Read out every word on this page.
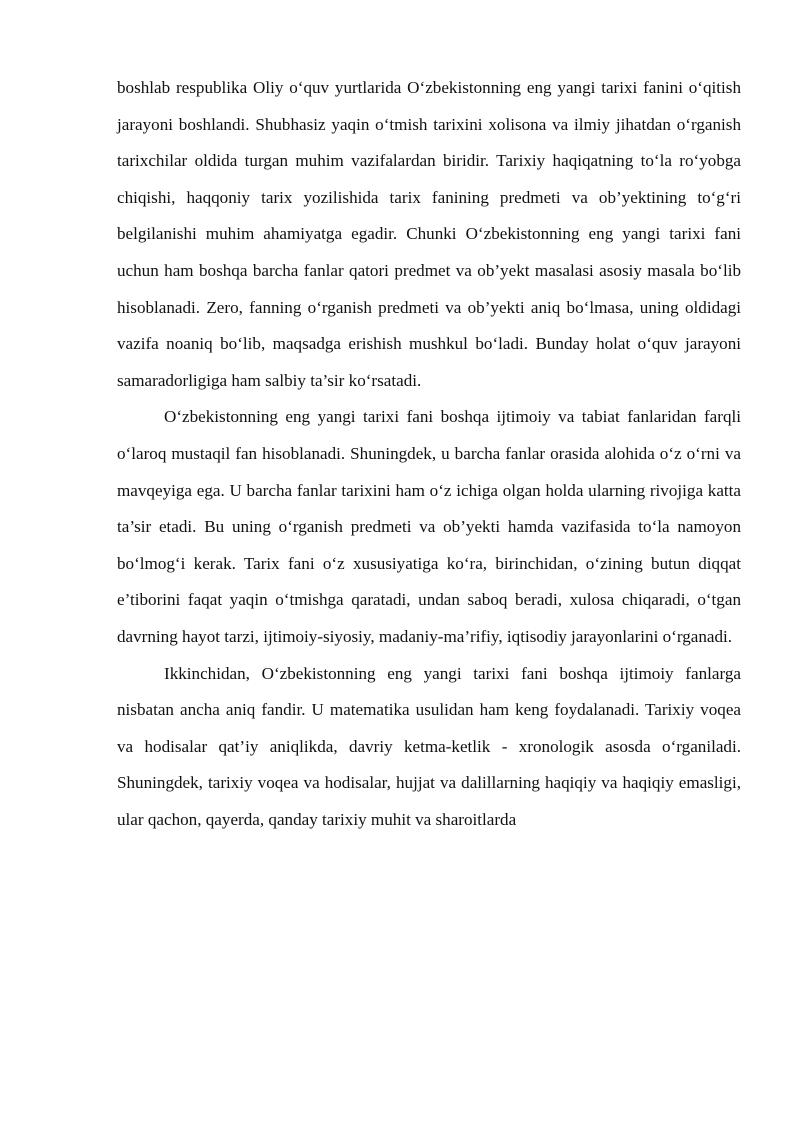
boshlab respublika Oliy o‘quv yurtlarida O‘zbekistonning eng yangi tarixi fanini o‘qitish jarayoni boshlandi. Shubhasiz yaqin o‘tmish tarixini xolisona va ilmiy jihatdan o‘rganish tarixchilar oldida turgan muhim vazifalardan biridir. Tarixiy haqiqatning to‘la ro‘yobga chiqishi, haqqoniy tarix yozilishida tarix fanining predmeti va ob’yektining to‘g‘ri belgilanishi muhim ahamiyatga egadir. Chunki O‘zbekistonning eng yangi tarixi fani uchun ham boshqa barcha fanlar qatori predmet va ob’yekt masalasi asosiy masala bo‘lib hisoblanadi. Zero, fanning o‘rganish predmeti va ob’yekti aniq bo‘lmasa, uning oldidagi vazifa noaniq bo‘lib, maqsadga erishish mushkul bo‘ladi. Bunday holat o‘quv jarayoni samaradorligiga ham salbiy ta’sir ko‘rsatadi.

O‘zbekistonning eng yangi tarixi fani boshqa ijtimoiy va tabiat fanlaridan farqli o‘laroq mustaqil fan hisoblanadi. Shuningdek, u barcha fanlar orasida alohida o‘z o‘rni va mavqeyiga ega. U barcha fanlar tarixini ham o‘z ichiga olgan holda ularning rivojiga katta ta’sir etadi. Bu uning o‘rganish predmeti va ob’yekti hamda vazifasida to‘la namoyon bo‘lmog‘i kerak. Tarix fani o‘z xususiyatiga ko‘ra, birinchidan, o‘zining butun diqqat e’tiborini faqat yaqin o‘tmishga qaratadi, undan saboq beradi, xulosa chiqaradi, o‘tgan davrning hayot tarzi, ijtimoiy-siyosiy, madaniy-ma’rifiy, iqtisodiy jarayonlarini o‘rganadi.

Ikkinchidan, O‘zbekistonning eng yangi tarixi fani boshqa ijtimoiy fanlarga nisbatan ancha aniq fandir. U matematika usulidan ham keng foydalanadi. Tarixiy voqea va hodisalar qat’iy aniqlikda, davriy ketma-ketlik - xronologik asosda o‘rganiladi. Shuningdek, tarixiy voqea va hodisalar, hujjat va dalillarning haqiqiy va haqiqiy emasligi, ular qachon, qayerda, qanday tarixiy muhit va sharoitlarda
